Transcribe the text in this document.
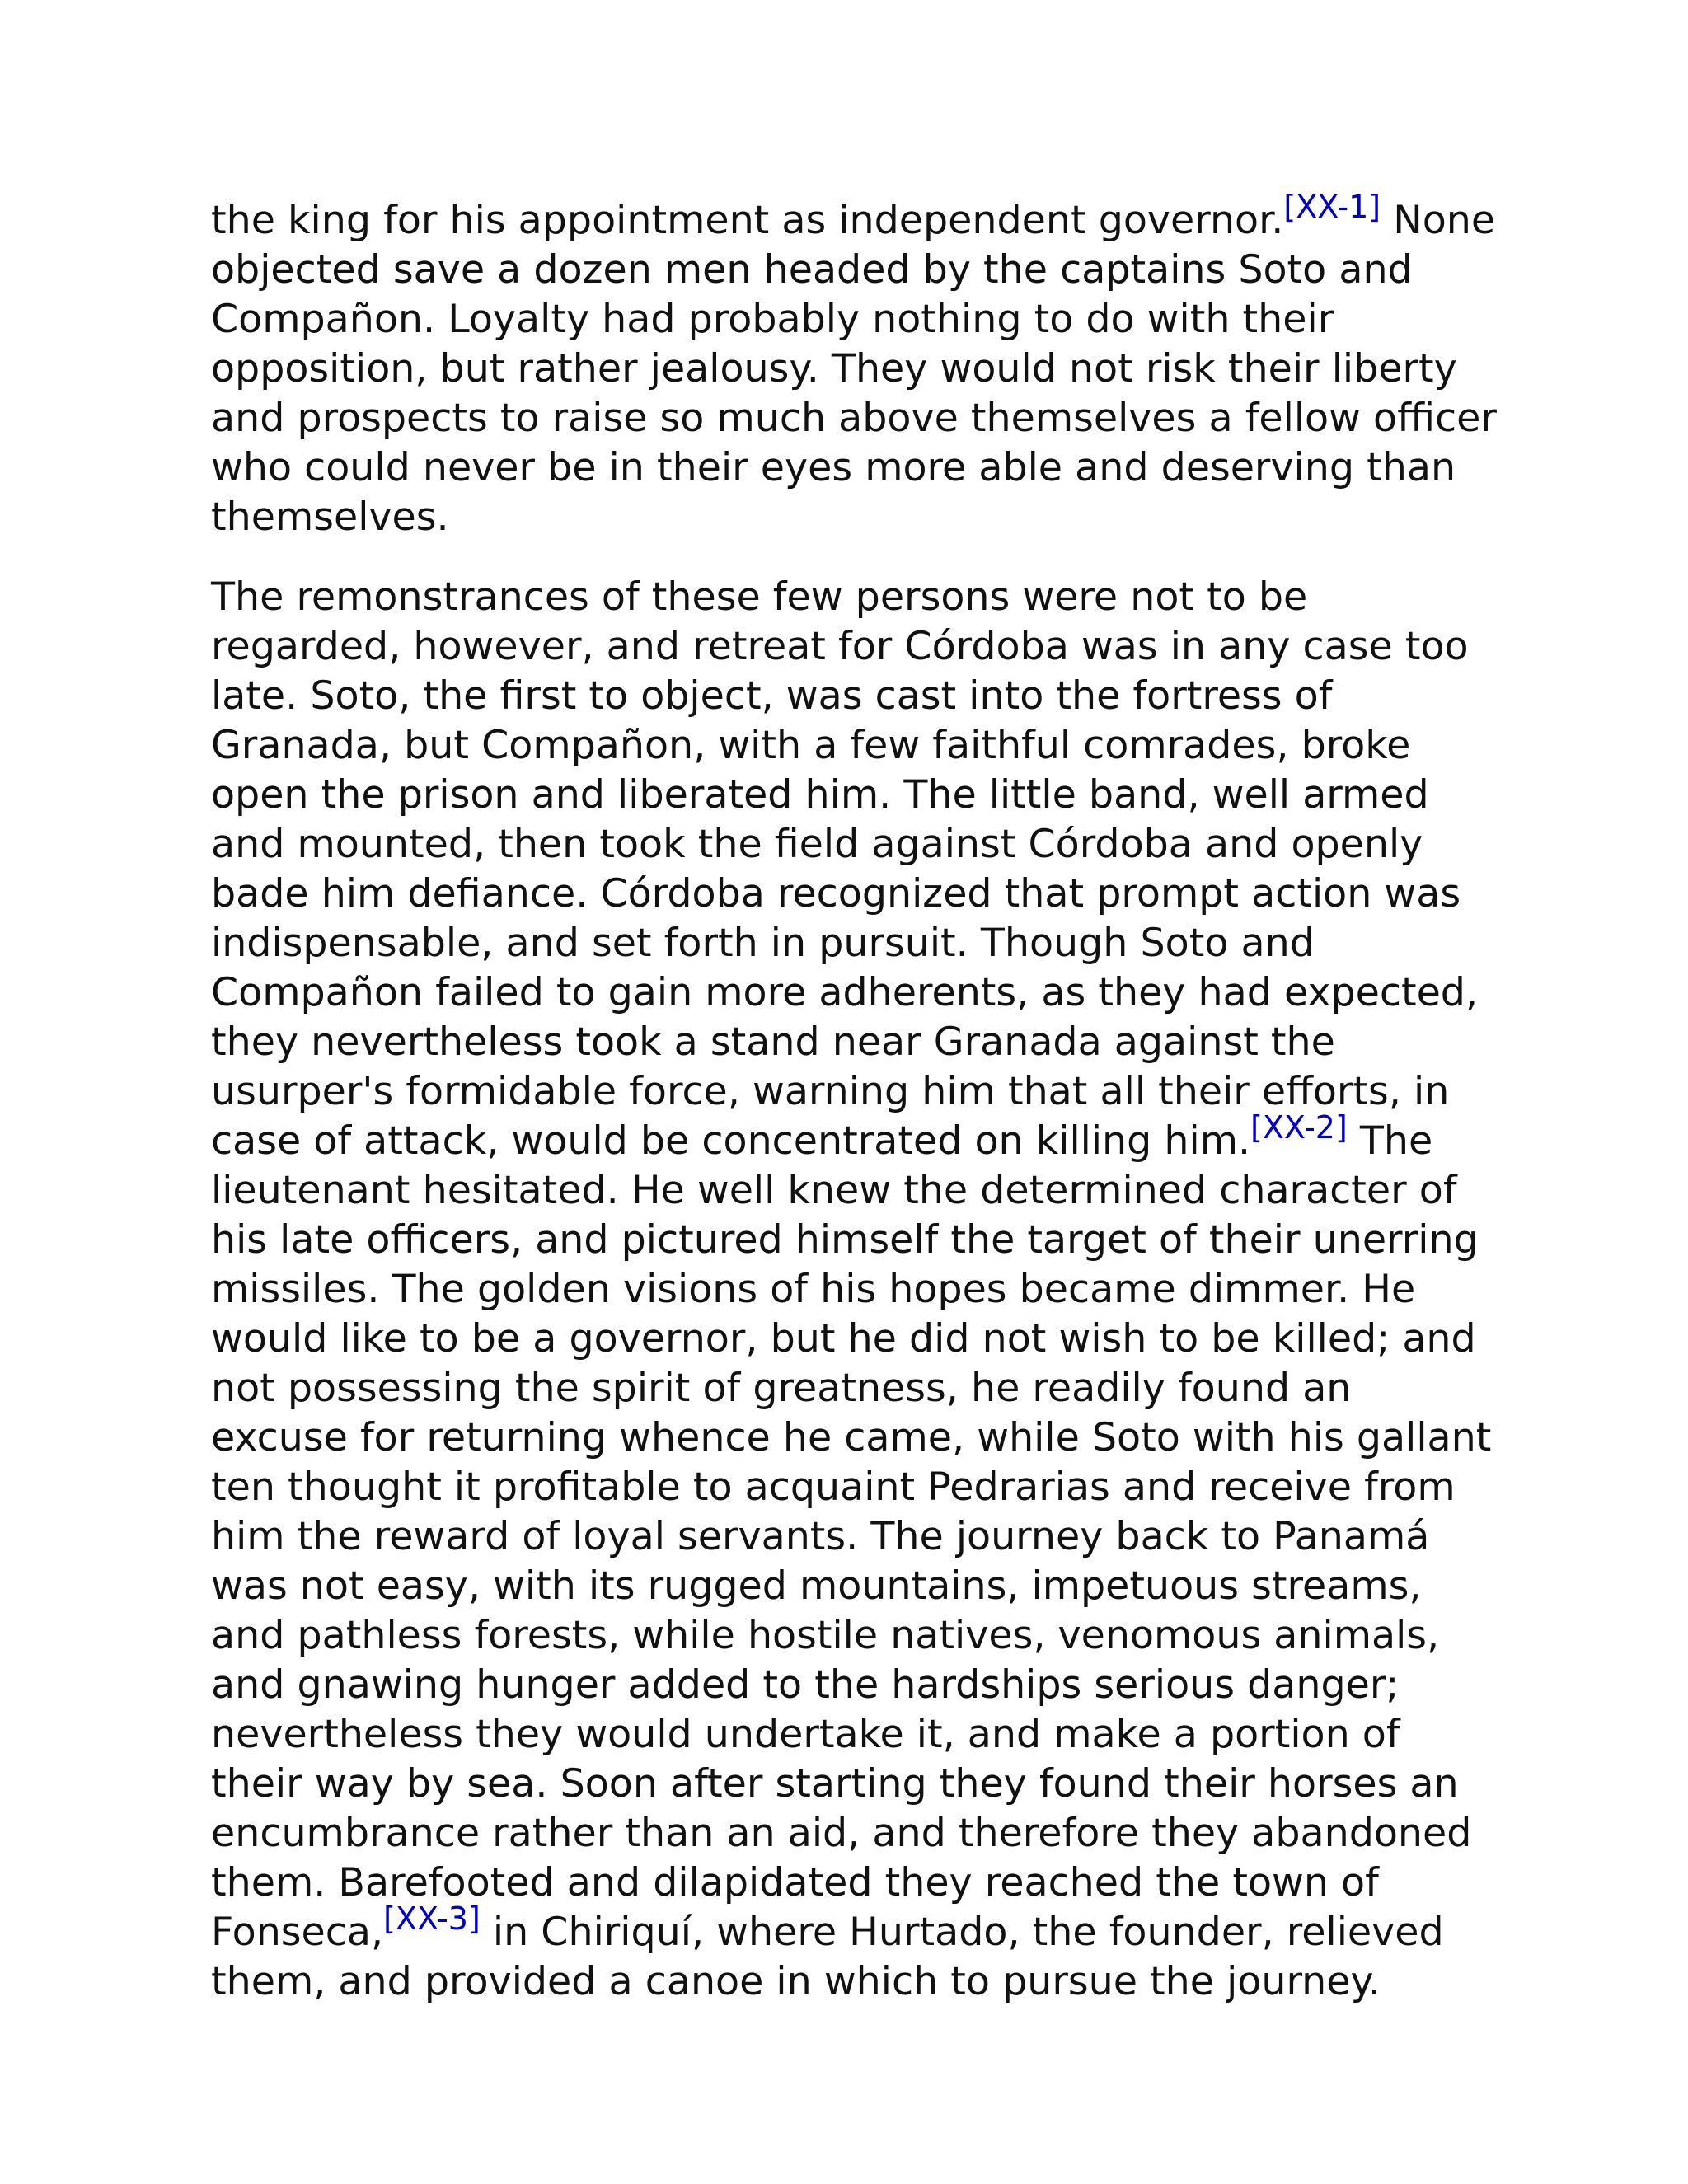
the king for his appointment as independent governor.[XX-1] None objected save a dozen men headed by the captains Soto and Compañon. Loyalty had probably nothing to do with their opposition, but rather jealousy. They would not risk their liberty and prospects to raise so much above themselves a fellow officer who could never be in their eyes more able and deserving than themselves.

The remonstrances of these few persons were not to be regarded, however, and retreat for Córdoba was in any case too late. Soto, the first to object, was cast into the fortress of Granada, but Compañon, with a few faithful comrades, broke open the prison and liberated him. The little band, well armed and mounted, then took the field against Córdoba and openly bade him defiance. Córdoba recognized that prompt action was indispensable, and set forth in pursuit. Though Soto and Compañon failed to gain more adherents, as they had expected, they nevertheless took a stand near Granada against the usurper's formidable force, warning him that all their efforts, in case of attack, would be concentrated on killing him.[XX-2] The lieutenant hesitated. He well knew the determined character of his late officers, and pictured himself the target of their unerring missiles. The golden visions of his hopes became dimmer. He would like to be a governor, but he did not wish to be killed; and not possessing the spirit of greatness, he readily found an excuse for returning whence he came, while Soto with his gallant ten thought it profitable to acquaint Pedrarias and receive from him the reward of loyal servants. The journey back to Panamá was not easy, with its rugged mountains, impetuous streams, and pathless forests, while hostile natives, venomous animals, and gnawing hunger added to the hardships serious danger; nevertheless they would undertake it, and make a portion of their way by sea. Soon after starting they found their horses an encumbrance rather than an aid, and therefore they abandoned them. Barefooted and dilapidated they reached the town of Fonseca,[XX-3] in Chiriquí, where Hurtado, the founder, relieved them, and provided a canoe in which to pursue the journey.
